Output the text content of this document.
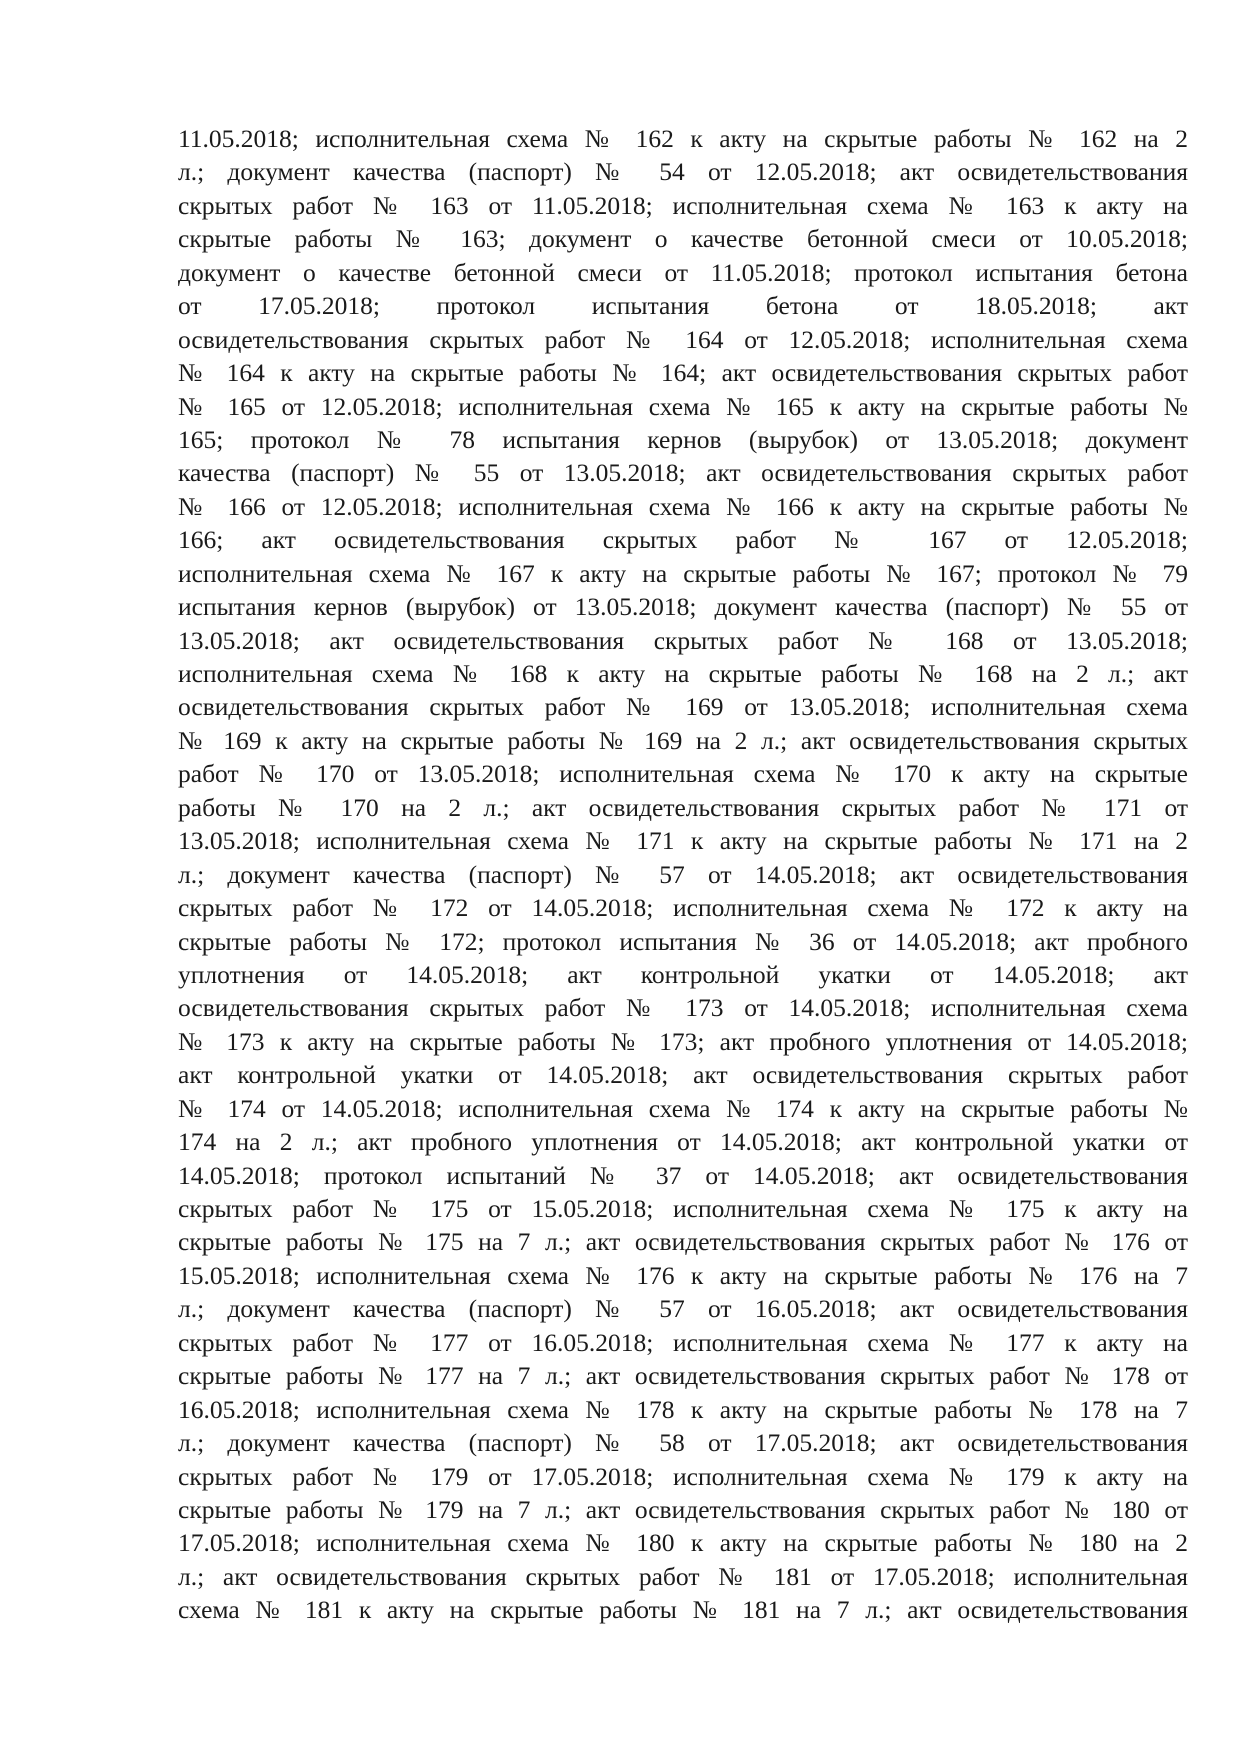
11.05.2018; исполнительная схема № 162 к акту на скрытые работы № 162 на 2
л.; документ качества (паспорт) № 54 от 12.05.2018; акт освидетельствования
скрытых работ № 163 от 11.05.2018; исполнительная схема № 163 к акту на
скрытые работы № 163; документ о качестве бетонной смеси от 10.05.2018;
документ о качестве бетонной смеси от 11.05.2018; протокол испытания бетона
от 17.05.2018; протокол испытания бетона от 18.05.2018; акт
освидетельствования скрытых работ № 164 от 12.05.2018; исполнительная схема
№ 164 к акту на скрытые работы № 164; акт освидетельствования скрытых работ
№ 165 от 12.05.2018; исполнительная схема № 165 к акту на скрытые работы №
165; протокол № 78 испытания кернов (вырубок) от 13.05.2018; документ
качества (паспорт) № 55 от 13.05.2018; акт освидетельствования скрытых работ
№ 166 от 12.05.2018; исполнительная схема № 166 к акту на скрытые работы №
166; акт освидетельствования скрытых работ № 167 от 12.05.2018;
исполнительная схема № 167 к акту на скрытые работы № 167; протокол № 79
испытания кернов (вырубок) от 13.05.2018; документ качества (паспорт) № 55 от
13.05.2018; акт освидетельствования скрытых работ № 168 от 13.05.2018;
исполнительная схема № 168 к акту на скрытые работы № 168 на 2 л.; акт
освидетельствования скрытых работ № 169 от 13.05.2018; исполнительная схема
№ 169 к акту на скрытые работы № 169 на 2 л.; акт освидетельствования скрытых
работ № 170 от 13.05.2018; исполнительная схема № 170 к акту на скрытые
работы № 170 на 2 л.; акт освидетельствования скрытых работ № 171 от
13.05.2018; исполнительная схема № 171 к акту на скрытые работы № 171 на 2
л.; документ качества (паспорт) № 57 от 14.05.2018; акт освидетельствования
скрытых работ № 172 от 14.05.2018; исполнительная схема № 172 к акту на
скрытые работы № 172; протокол испытания № 36 от 14.05.2018; акт пробного
уплотнения от 14.05.2018; акт контрольной укатки от 14.05.2018; акт
освидетельствования скрытых работ № 173 от 14.05.2018; исполнительная схема
№ 173 к акту на скрытые работы № 173; акт пробного уплотнения от 14.05.2018;
акт контрольной укатки от 14.05.2018; акт освидетельствования скрытых работ
№ 174 от 14.05.2018; исполнительная схема № 174 к акту на скрытые работы №
174 на 2 л.; акт пробного уплотнения от 14.05.2018; акт контрольной укатки от
14.05.2018; протокол испытаний № 37 от 14.05.2018; акт освидетельствования
скрытых работ № 175 от 15.05.2018; исполнительная схема № 175 к акту на
скрытые работы № 175 на 7 л.; акт освидетельствования скрытых работ № 176 от
15.05.2018; исполнительная схема № 176 к акту на скрытые работы № 176 на 7
л.; документ качества (паспорт) № 57 от 16.05.2018; акт освидетельствования
скрытых работ № 177 от 16.05.2018; исполнительная схема № 177 к акту на
скрытые работы № 177 на 7 л.; акт освидетельствования скрытых работ № 178 от
16.05.2018; исполнительная схема № 178 к акту на скрытые работы № 178 на 7
л.; документ качества (паспорт) № 58 от 17.05.2018; акт освидетельствования
скрытых работ № 179 от 17.05.2018; исполнительная схема № 179 к акту на
скрытые работы № 179 на 7 л.; акт освидетельствования скрытых работ № 180 от
17.05.2018; исполнительная схема № 180 к акту на скрытые работы № 180 на 2
л.; акт освидетельствования скрытых работ № 181 от 17.05.2018; исполнительная
схема № 181 к акту на скрытые работы № 181 на 7 л.; акт освидетельствования
